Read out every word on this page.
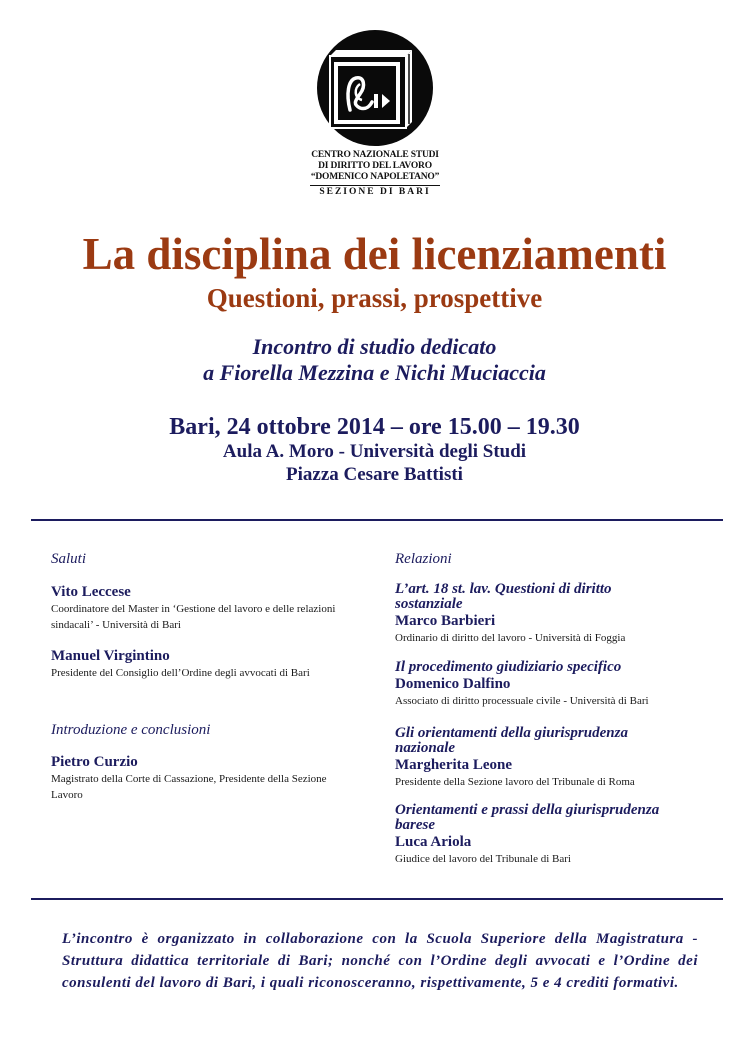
CENTRO NAZIONALE STUDI
DI DIRITTO DEL LAVORO
“DOMENICO NAPOLETANO”
SEZIONE DI BARI
La disciplina dei licenziamenti
Questioni, prassi, prospettive
Incontro di studio dedicato
a Fiorella Mezzina e Nichi Muciaccia
Bari, 24 ottobre 2014 – ore 15.00 – 19.30
Aula A. Moro - Università degli Studi
Piazza Cesare Battisti
Saluti
Vito Leccese
Coordinatore del Master in ‘Gestione del lavoro e delle relazioni
sindacali’ - Università di Bari
Manuel Virgintino
Presidente del Consiglio dell’Ordine degli avvocati di Bari
Introduzione e conclusioni
Pietro Curzio
Magistrato della Corte di Cassazione, Presidente della Sezione
Lavoro
Relazioni
L’art. 18 st. lav. Questioni di diritto
sostanziale
Marco Barbieri
Ordinario di diritto del lavoro - Università di Foggia
Il procedimento giudiziario specifico
Domenico Dalfino
Associato di diritto processuale civile - Università di Bari
Gli orientamenti della giurisprudenza
nazionale
Margherita Leone
Presidente della Sezione lavoro del Tribunale di Roma
Orientamenti e prassi della giurisprudenza
barese
Luca Ariola
Giudice del lavoro del Tribunale di Bari
L’incontro è organizzato in collaborazione con la Scuola Superiore della Magistratura - Struttura didattica territoriale di Bari; nonché con l’Ordine degli avvocati e l’Ordine dei consulenti del lavoro di Bari, i quali riconosceranno, rispettivamente, 5 e 4 crediti formativi.
